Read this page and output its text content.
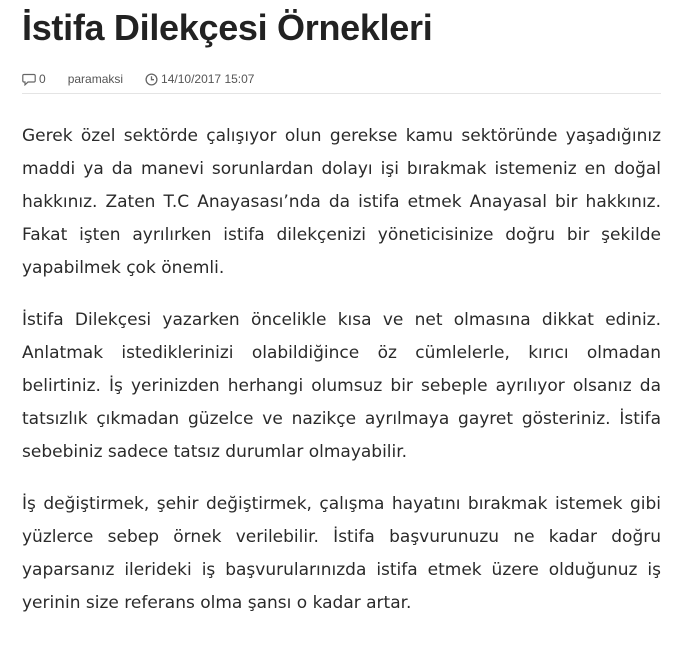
İstifa Dilekçesi Örnekleri
0 paramaksi	14/10/2017 15:07

Gerek özel sektörde çalışıyor olun gerekse kamu sektöründe yaşadığınız maddi ya da manevi sorunlardan dolayı işi bırakmak istemeniz en doğal hakkınız. Zaten T.C Anayasası’nda da istifa etmek Anayasal bir hakkınız. Fakat işten ayrılırken istifa dilekçenizi yöneticisinize doğru bir şekilde yapabilmek çok önemli.

İstifa Dilekçesi yazarken öncelikle kısa ve net olmasına dikkat ediniz. Anlatmak istediklerinizi olabildiğince öz cümlelerle, kırıcı olmadan belirtiniz. İş yerinizden herhangi olumsuz bir sebeple ayrılıyor olsanız da tatsızlık çıkmadan güzelce ve nazikçe ayrılmaya gayret gösteriniz. İstifa sebebiniz sadece tatsız durumlar olmayabilir.

İş değiştirmek, şehir değiştirmek, çalışma hayatını bırakmak istemek gibi yüzlerce sebep örnek verilebilir. İstifa başvurunuzu ne kadar doğru yaparsanız ilerideki iş başvurularınızda istifa etmek üzere olduğunuz iş yerinin size referans olma şansı o kadar artar.
